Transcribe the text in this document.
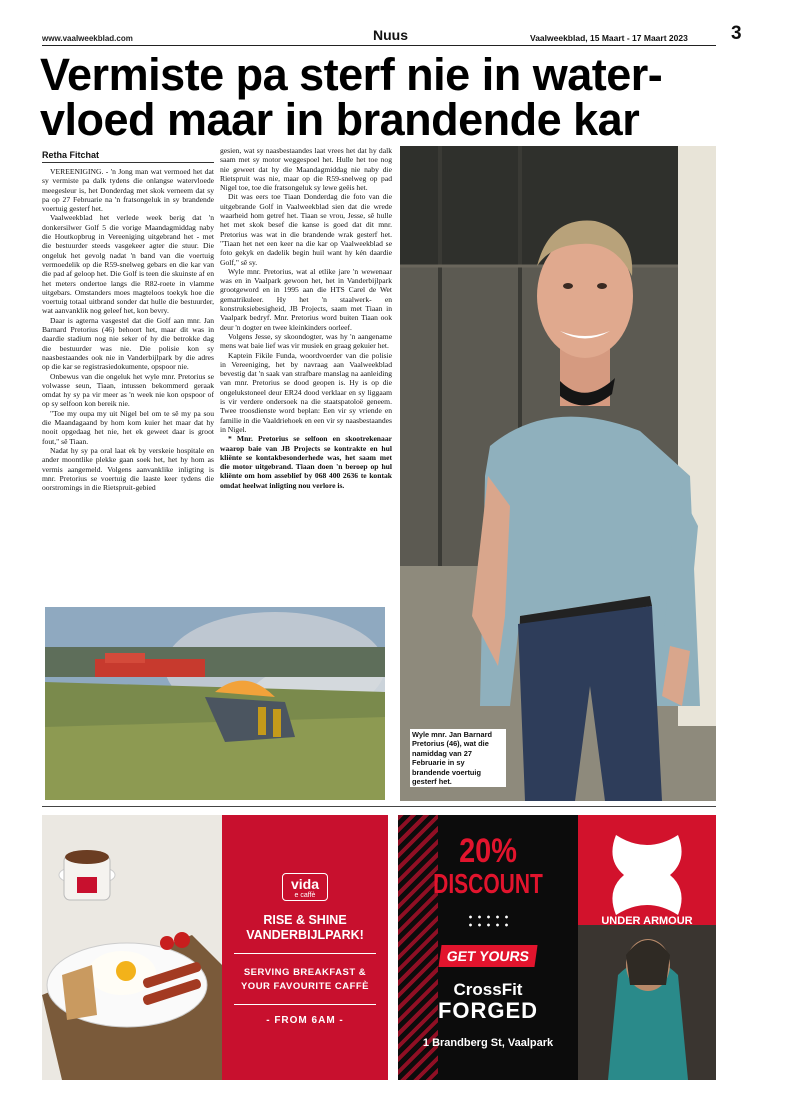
www.vaalweekblad.com	Nuus	Vaalweekblad, 15 Maart - 17 Maart 2023 3
Vermiste pa sterf nie in water-vloed maar in brandende kar
Retha Fitchat

VEREENIGING. - 'n Jong man wat vermoed het dat sy vermiste pa dalk tydens die onlangse watervloede meegesleur is, het Donderdag met skok verneem dat sy pa op 27 Februarie na 'n fratsongeluk in sy brandende voertuig gesterf het.

Vaalweekblad het verlede week berig dat 'n donkersilwer Golf 5 die vorige Maandagmiddag naby die Houtkopbrug in Vereeniging uitgebrand het - met die bestuurder steeds vasgekeer agter die stuur. Die ongeluk het gevolg nadat 'n band van die voertuig vermoedelik op die R59-snelweg gebars en die kar van die pad af geloop het. Die Golf is teen die skuinste af en het meters ondertoe langs die R82-roete in vlamme uitgebars. Omstanders moes magteloos toekyk hoe die voertuig totaal uitbrand sonder dat hulle die bestuurder, wat aanvanklik nog geleef het, kon bevry.

Daar is agterna vasgestel dat die Golf aan mnr. Jan Barnard Pretorius (46) behoort het, maar dit was in daardie stadium nog nie seker of hy die betrokke dag die bestuurder was nie. Die polisie kon sy naasbestaandes ook nie in Vanderbijlpark by die adres op die kar se registrasiedokumente, opspoor nie.

Onbewus van die ongeluk het wyle mnr. Pretorius se volwasse seun, Tiaan, intussen bekommerd geraak omdat hy sy pa vir meer as 'n week nie kon opspoor of op sy selfoon kon bereik nie.

"Toe my oupa my uit Nigel bel om te sê my pa sou die Maandagaand by hom kom kuier het maar dat hy nooit opgedaag het nie, het ek geweet daar is groot fout," sê Tiaan.

Nadat hy sy pa oral laat ek by verskeie hospitale en ander moontlike plekke gaan soek het, het hy hom as vermis aangemeld. Volgens aanvanklike inligting is mnr. Pretorius se voertuig die laaste keer tydens die oorstromings in die Rietspruit-gebied

gesien, wat sy naasbestaandes laat vrees het dat hy dalk saam met sy motor weggespoel het. Hulle het toe nog nie geweet dat hy die Maandagmiddag nie naby die Rietspruit was nie, maar op die R59-snelweg op pad Nigel toe, toe die fratsongeluk sy lewe geëis het.

Dit was eers toe Tiaan Donderdag die foto van die uitgebrande Golf in Vaalweekblad sien dat die wrede waarheid hom getref het. Tiaan se vrou, Jesse, sê hulle het met skok besef die kanse is goed dat dit mnr. Pretorius was wat in die brandende wrak gesterf het. "Tiaan het net een keer na die kar op Vaalweekblad se foto gekyk en dadelik begin huil want hy kén daardie Golf," sê sy.

Wyle mnr. Pretorius, wat al etlike jare 'n wewenaar was en in Vaalpark gewoon het, het in Vanderbijlpark grootgeword en in 1995 aan die HTS Carel de Wet gematrikuleer. Hy het 'n staalwerk- en konstruksiebesigheid, JB Projects, saam met Tiaan in Vaalpark bedryf. Mnr. Pretorius word buiten Tiaan ook deur 'n dogter en twee kleinkinders oorleef.

Volgens Jesse, sy skoondogter, was hy 'n aangename mens wat baie lief was vir musiek en graag gekuier het.

Kaptein Fikile Funda, woordvoerder van die polisie in Vereeniging, het by navraag aan Vaalweekblad bevestig dat 'n saak van strafbare manslag na aanleiding van mnr. Pretorius se dood geopen is. Hy is op die ongelukstoneel deur ER24 dood verklaar en sy liggaam is vir verdere ondersoek na die staatspatoloë geneem. Twee troosdienste word beplan: Een vir sy vriende en familie in die Vaaldriehoek en een vir sy naasbestaandes in Nigel.

* Mnr. Pretorius se selfoon en skootrekenaar waarop baie van JB Projects se kontrakte en hul kliënte se kontakbesonderhede was, het saam met die motor uitgebrand. Tiaan doen 'n beroep op hul kliënte om hom asseblief by 068 400 2636 te kontak omdat heelwat inligting nou verlore is.

Wyle mnr. Jan Barnard Pretorius (46), wat die namiddag van 27 Februarie in sy brandende voertuig gesterf het.
vida
e caffè
RISE & SHINE VANDERBIJLPARK!
SERVING BREAKFAST & YOUR FAVOURITE CAFFÈ
- FROM 6AM -
20%
DISCOUNT
GET YOURS
CrossFit
FORGED
1 Brandberg St, Vaalpark
UNDER ARMOUR
